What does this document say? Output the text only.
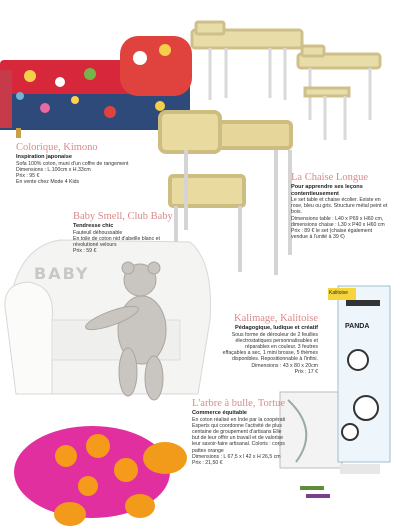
BABY
PANDA
Kalitoise
Colorique, Kimono
Inspiration japonaise
Sofa 100% coton, muni d'un coffre de rangement
Dimensions : L.100cm x H.33cm
Prix : 95 €
En vente chez Mode 4 Kids	La Chaise Longue
Pour apprendre ses leçons contentieusement
Le set table et chaise écolier. Existe en rose, bleu ou gris. Structure métal peint et bois.
Dimensions table : L40 x P69 x H60 cm,
dimensions chaise : L30 x P40 x H60 cm
Prix : 89 € le set (chaise également vendue à l'unité à 39 €)
Baby Smell, Club Baby
Tendresse chic
Fauteuil déhoussable
En toile de coton nid d'abeille blanc et
révolutioné velours
Prix : 59 €
Kalimage, Kalitoise
Pédagogique, ludique et créatif
Sous forme de dérouleur de 2 feuilles électrostatiques personnalisables et réparables en couleur. 3 feutres effaçables a sec, 1 mini brosse, 5 thèmes disponibles. Repositionnable à l'infini.
Dimensions : 43 x 80 x 20cm
Prix : 17 €
L'arbre à bulle, Tortue
Commerce équitable
En coton réalisé en Inde par la coopérati Esperts qui coordonne l'activité de plus centaine de groupement d'artisans Elle but de leur offrir un travail et de valorise leur savoir-faire artisanal. Coloris : corps pattes orange
Dimensions : L 67,5 x l 42 x H 26,5 cm
Prix : 21,50 €
